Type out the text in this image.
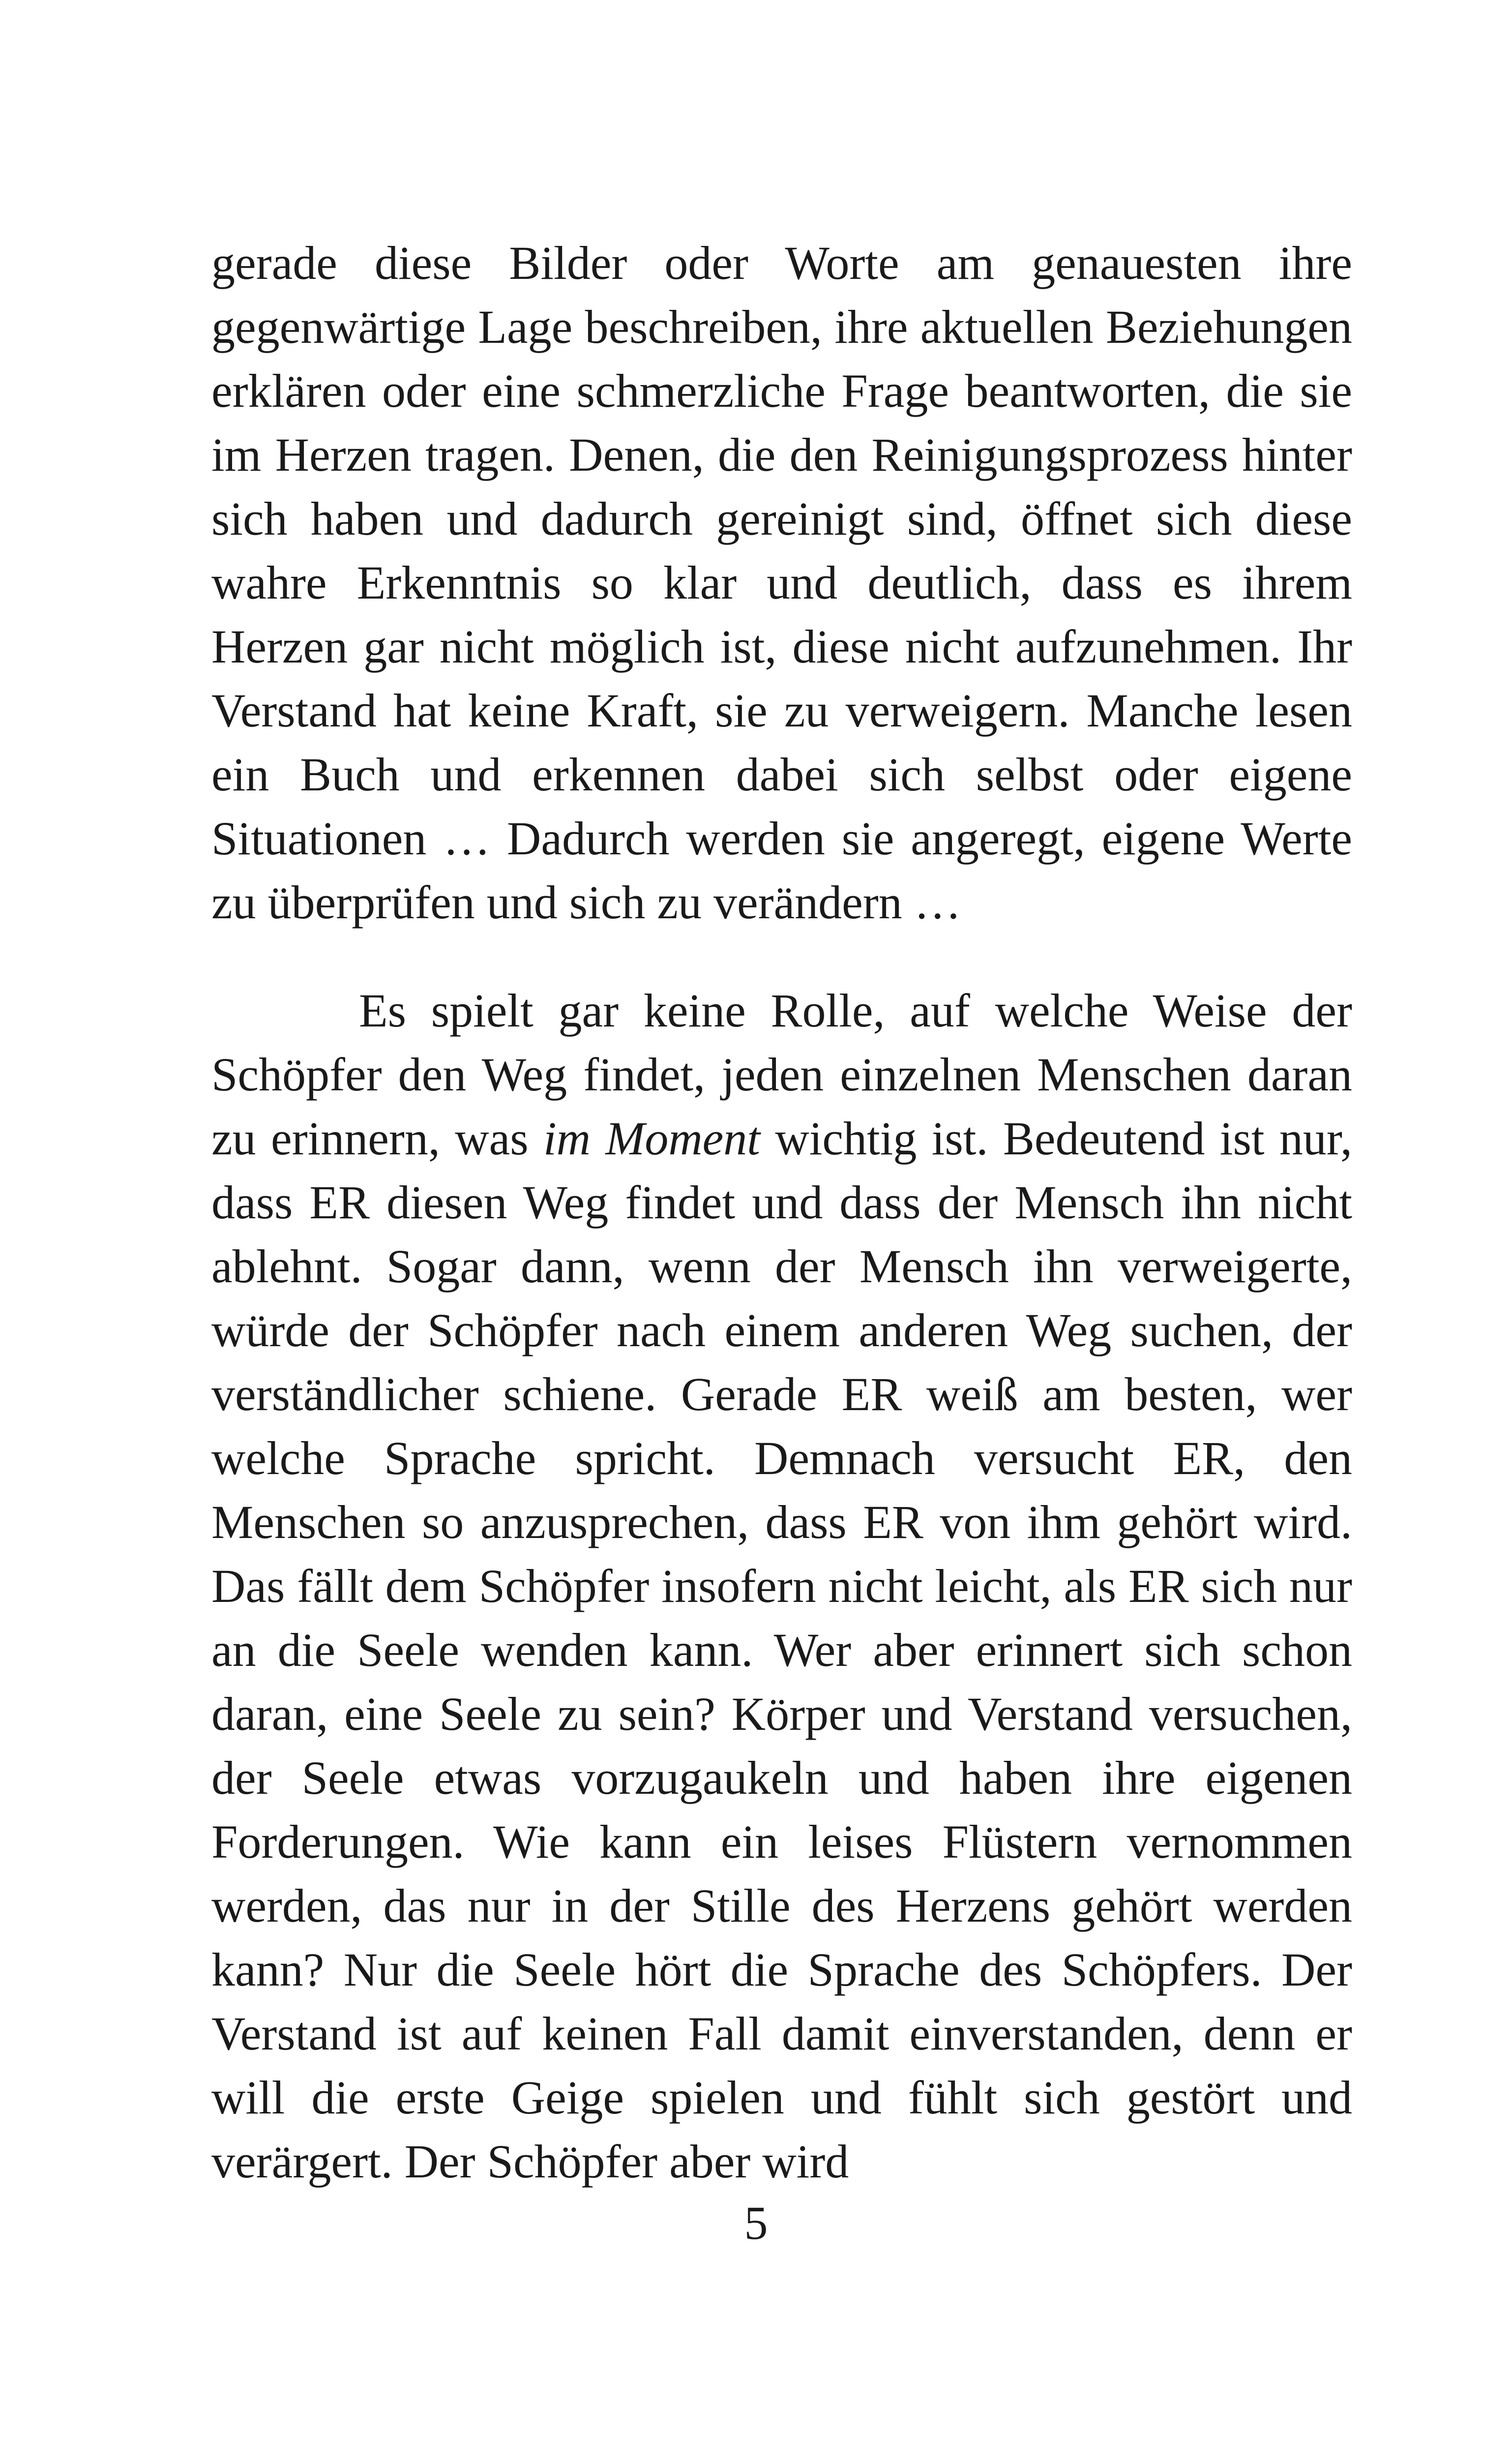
gerade diese Bilder oder Worte am genauesten ihre gegenwärtige Lage beschreiben, ihre aktuellen Beziehungen erklären oder eine schmerzliche Frage beantworten, die sie im Herzen tragen. Denen, die den Reinigungsprozess hinter sich haben und dadurch gereinigt sind, öffnet sich diese wahre Erkenntnis so klar und deutlich, dass es ihrem Herzen gar nicht möglich ist, diese nicht aufzunehmen. Ihr Verstand hat keine Kraft, sie zu verweigern. Manche lesen ein Buch und erkennen dabei sich selbst oder eigene Situationen … Dadurch werden sie angeregt, eigene Werte zu überprüfen und sich zu verändern …

Es spielt gar keine Rolle, auf welche Weise der Schöpfer den Weg findet, jeden einzelnen Menschen daran zu erinnern, was im Moment wichtig ist. Bedeutend ist nur, dass ER diesen Weg findet und dass der Mensch ihn nicht ablehnt. Sogar dann, wenn der Mensch ihn verweigerte, würde der Schöpfer nach einem anderen Weg suchen, der verständlicher schiene. Gerade ER weiß am besten, wer welche Sprache spricht. Demnach versucht ER, den Menschen so anzusprechen, dass ER von ihm gehört wird. Das fällt dem Schöpfer insofern nicht leicht, als ER sich nur an die Seele wenden kann. Wer aber erinnert sich schon daran, eine Seele zu sein? Körper und Verstand versuchen, der Seele etwas vorzugaukeln und haben ihre eigenen Forderungen. Wie kann ein leises Flüstern vernommen werden, das nur in der Stille des Herzens gehört werden kann? Nur die Seele hört die Sprache des Schöpfers. Der Verstand ist auf keinen Fall damit einverstanden, denn er will die erste Geige spielen und fühlt sich gestört und verärgert. Der Schöpfer aber wird

5
